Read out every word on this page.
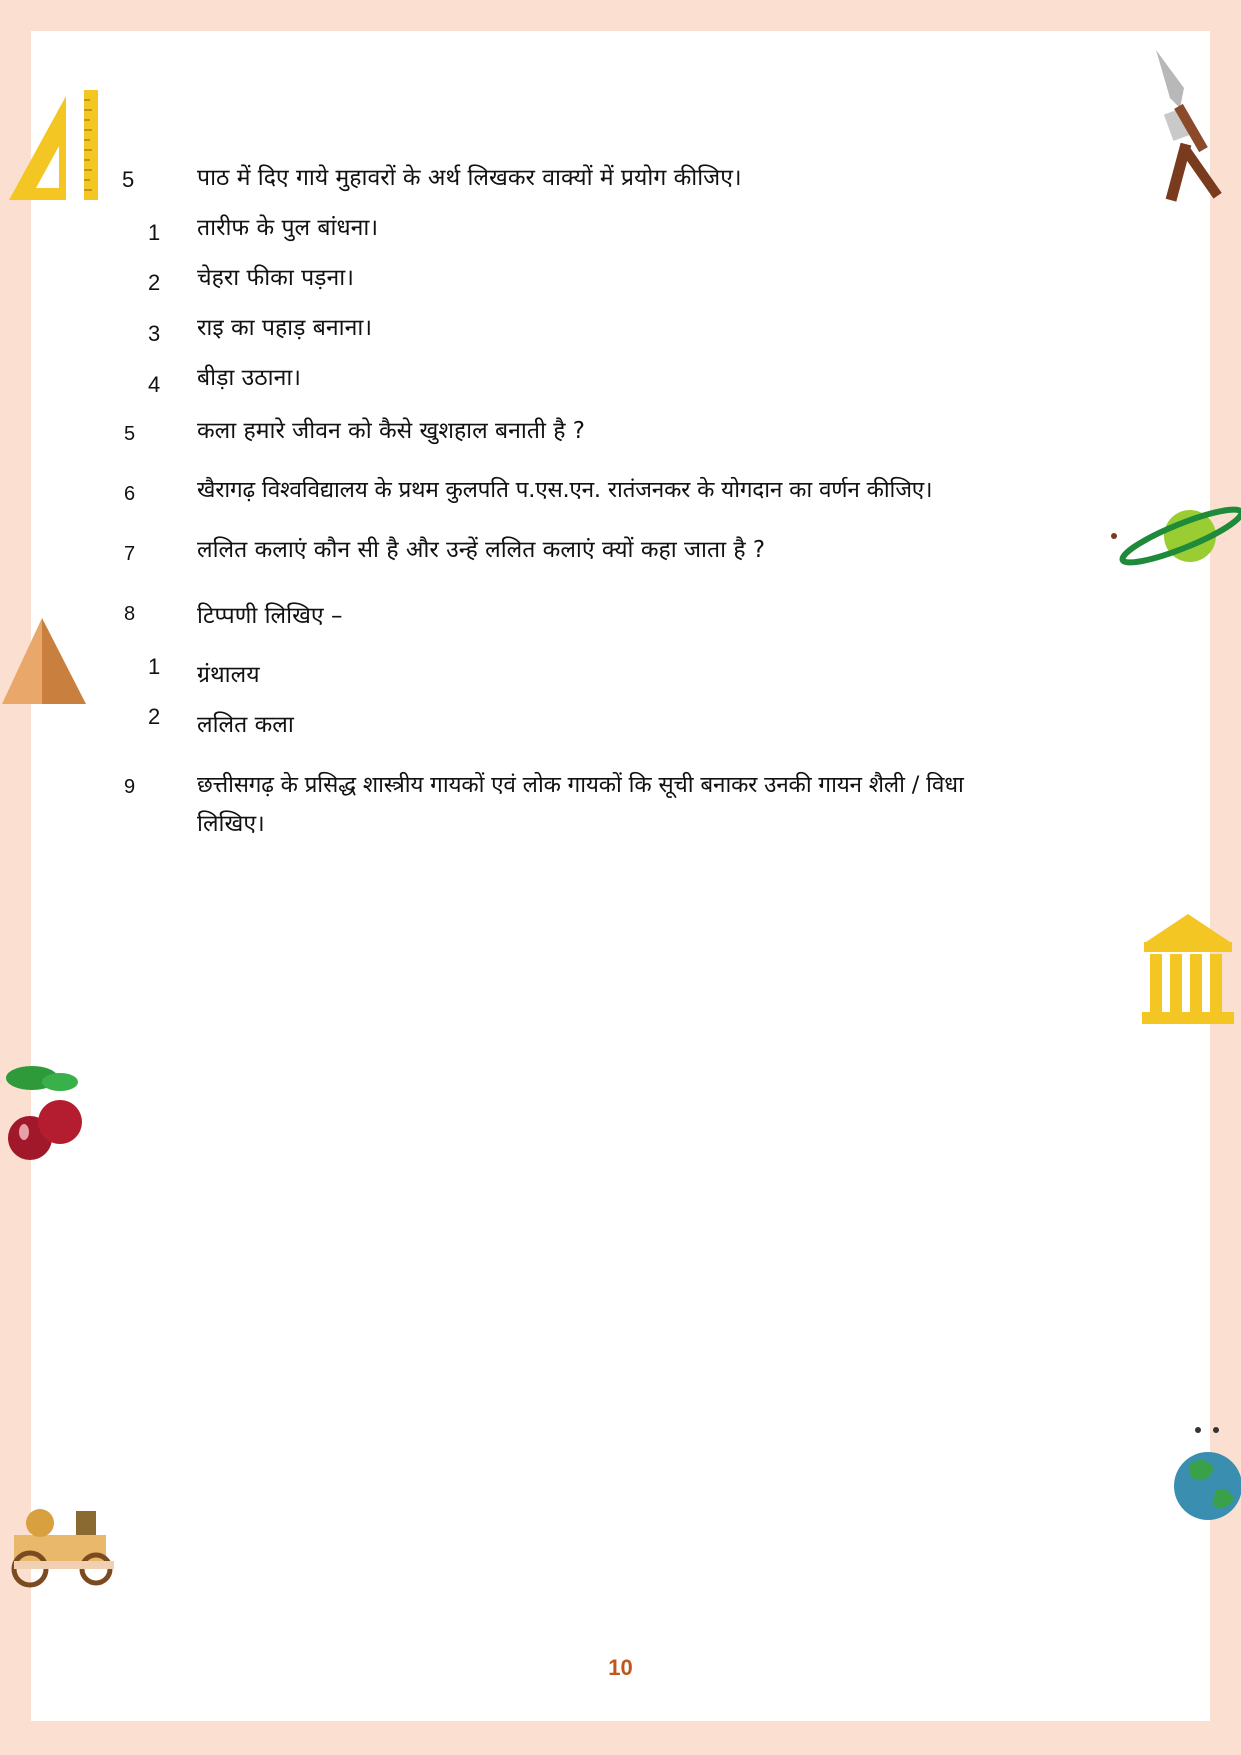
5	पाठ में दिए गाये मुहावरों के अर्थ लिखकर वाक्यों में प्रयोग कीजिए।
1 तारीफ के पुल बांधना।
2 चेहरा फीका पड़ना।
3 राइ का पहाड़ बनाना।
4 बीड़ा उठाना।
5	कला हमारे जीवन को कैसे खुशहाल बनाती है ?
6	खैरागढ़ विश्वविद्यालय के प्रथम कुलपति प.एस.एन. रातंजनकर के योगदान का वर्णन कीजिए।
7	ललित कलाएं कौन सी है और उन्हें ललित कलाएं क्यों कहा जाता है ?
8	टिप्पणी लिखिए –
1 ग्रंथालय
2 ललित कला
9	छत्तीसगढ़ के प्रसिद्ध शास्त्रीय गायकों एवं लोक गायकों कि सूची बनाकर उनकी गायन शैली / विधा
लिखिए।
10
